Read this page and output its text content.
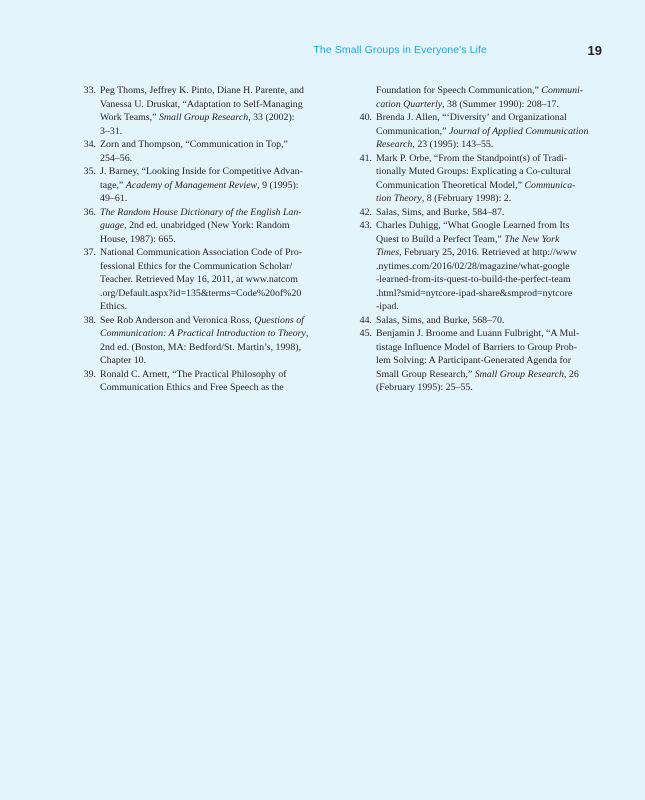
The Small Groups in Everyone's Life	19
33. Peg Thoms, Jeffrey K. Pinto, Diane H. Parente, and
Vanessa U. Druskat, “Adaptation to Self-Managing
Work Teams,” Small Group Research, 33 (2002):
3–31.
34. Zorn and Thompson, “Communication in Top,”
254–56.
35. J. Barney, “Looking Inside for Competitive Advan-
tage,” Academy of Management Review, 9 (1995):
49–61.
36. The Random House Dictionary of the English Lan-
guage, 2nd ed. unabridged (New York: Random
House, 1987): 665.
37. National Communication Association Code of Pro-
fessional Ethics for the Communication Scholar/
Teacher. Retrieved May 16, 2011, at www.natcom
.org/Default.aspx?id=135&terms=Code%20of%20
Ethics.
38. See Rob Anderson and Veronica Ross, Questions of
Communication: A Practical Introduction to Theory,
2nd ed. (Boston, MA: Bedford/St. Martin’s, 1998),
Chapter 10.
39. Ronald C. Arnett, “The Practical Philosophy of
Communication Ethics and Free Speech as the
Foundation for Speech Communication,” Communi-
cation Quarterly, 38 (Summer 1990): 208–17.
40. Brenda J. Allen, “‘Diversity’ and Organizational
Communication,” Journal of Applied Communication
Research, 23 (1995): 143–55.
41. Mark P. Orbe, “From the Standpoint(s) of Tradi-
tionally Muted Groups: Explicating a Co-cultural
Communication Theoretical Model,” Communica-
tion Theory, 8 (February 1998): 2.
42. Salas, Sims, and Burke, 584–87.
43. Charles Duhigg, “What Google Learned from Its
Quest to Build a Perfect Team,” The New York
Times, February 25, 2016. Retrieved at http://www
.nytimes.com/2016/02/28/magazine/what-google
-learned-from-its-quest-to-build-the-perfect-team
.html?smid=nytcore-ipad-share&smprod=nytcore
-ipad.
44. Salas, Sims, and Burke, 568–70.
45. Benjamin J. Broome and Luann Fulbright, “A Mul-
tistage Influence Model of Barriers to Group Prob-
lem Solving: A Participant-Generated Agenda for
Small Group Research,” Small Group Research, 26
(February 1995): 25–55.
